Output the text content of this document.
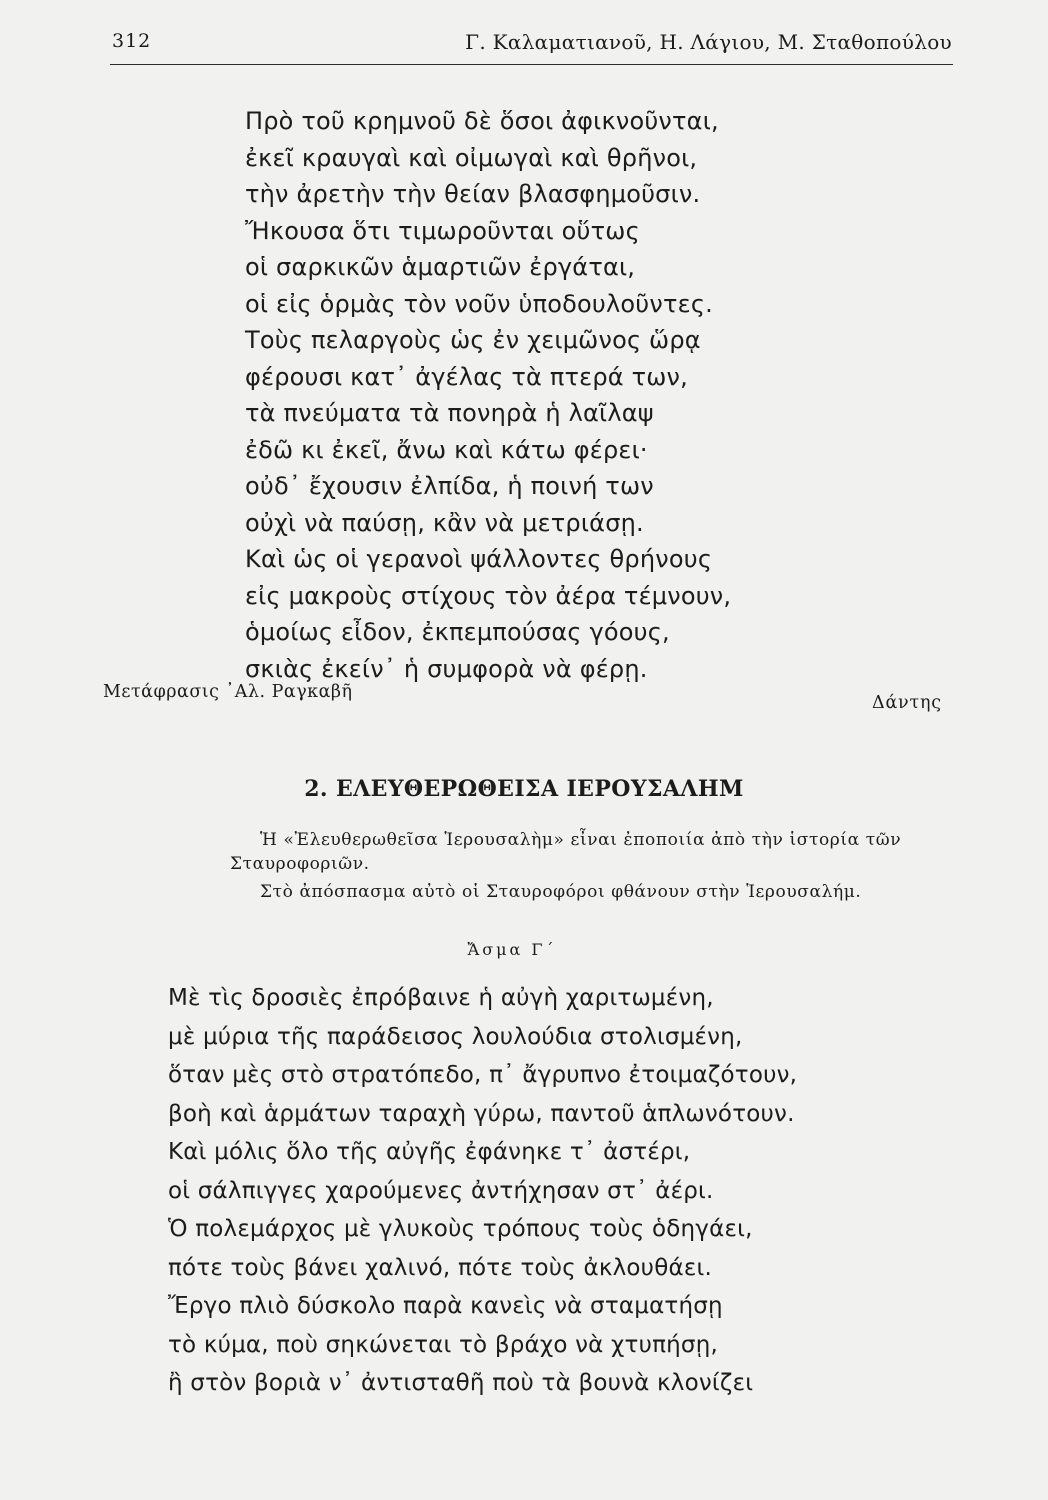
312	Γ. Καλαματιανοῦ, Η. Λάγιου, Μ. Σταθοπούλου
Πρὸ τοῦ κρημνοῦ δὲ ὅσοι ἀφικνοῦνται,
ἐκεῖ κραυγαὶ καὶ οἰμωγαὶ καὶ θρῆνοι,
τὴν ἀρετὴν τὴν θείαν βλασφημοῦσιν.
Ἤκουσα ὅτι τιμωροῦνται οὕτως
οἱ σαρκικῶν ἁμαρτιῶν ἐργάται,
οἱ εἰς ὁρμὰς τὸν νοῦν ὑποδουλοῦντες.
Τοὺς πελαργοὺς ὡς ἐν χειμῶνος ὥρᾳ
φέρουσι κατ᾽ ἀγέλας τὰ πτερά των,
τὰ πνεύματα τὰ πονηρὰ ἡ λαῖλαψ
ἐδῶ κι ἐκεῖ, ἄνω καὶ κάτω φέρει·
οὐδ᾽ ἔχουσιν ἐλπίδα, ἡ ποινή των
οὐχὶ νὰ παύσῃ, κἂν νὰ μετριάσῃ.
Καὶ ὡς οἱ γερανοὶ ψάλλοντες θρήνους
εἰς μακροὺς στίχους τὸν ἀέρα τέμνουν,
ὁμοίως εἶδον, ἐκπεμπούσας γόους,
σκιὰς ἐκείν᾽ ἡ συμφορὰ νὰ φέρῃ.
Μετάφρασις ᾽Αλ. Ραγκαβῆ
Δάντης
2. ΕΛΕΥΘΕΡΩΘΕΙΣΑ ΙΕΡΟΥΣΑΛΗΜ

Ἡ «Ἐλευθερωθεῖσα Ἱερουσαλὴμ» εἶναι ἐποποιία ἀπὸ τὴν ἱστορία τῶν Σταυροφοριῶν.

Στὸ ἀπόσπασμα αὐτὸ οἱ Σταυροφόροι φθάνουν στὴν Ἱερουσαλήμ.

Ἄσμα Γ´
Μὲ τὶς δροσιὲς ἐπρόβαινε ἡ αὐγὴ χαριτωμένη,
μὲ μύρια τῆς παράδεισος λουλούδια στολισμένη,
ὅταν μὲς στὸ στρατόπεδο, π᾽ ἄγρυπνο ἐτοιμαζότουν,
βοὴ καὶ ἁρμάτων ταραχὴ γύρω, παντοῦ ἁπλωνότουν.
Καὶ μόλις ὅλο τῆς αὐγῆς ἐφάνηκε τ᾽ ἀστέρι,
οἱ σάλπιγγες χαρούμενες ἀντήχησαν στ᾽ ἀέρι.
Ὁ πολεμάρχος μὲ γλυκοὺς τρόπους τοὺς ὁδηγάει,
πότε τοὺς βάνει χαλινό, πότε τοὺς ἀκλουθάει.
Ἔργο πλιὸ δύσκολο παρὰ κανεὶς νὰ σταματήσῃ
τὸ κύμα, ποὺ σηκώνεται τὸ βράχο νὰ χτυπήσῃ,
ἢ στὸν βοριὰ ν᾽ ἀντισταθῆ ποὺ τὰ βουνὰ κλονίζει
